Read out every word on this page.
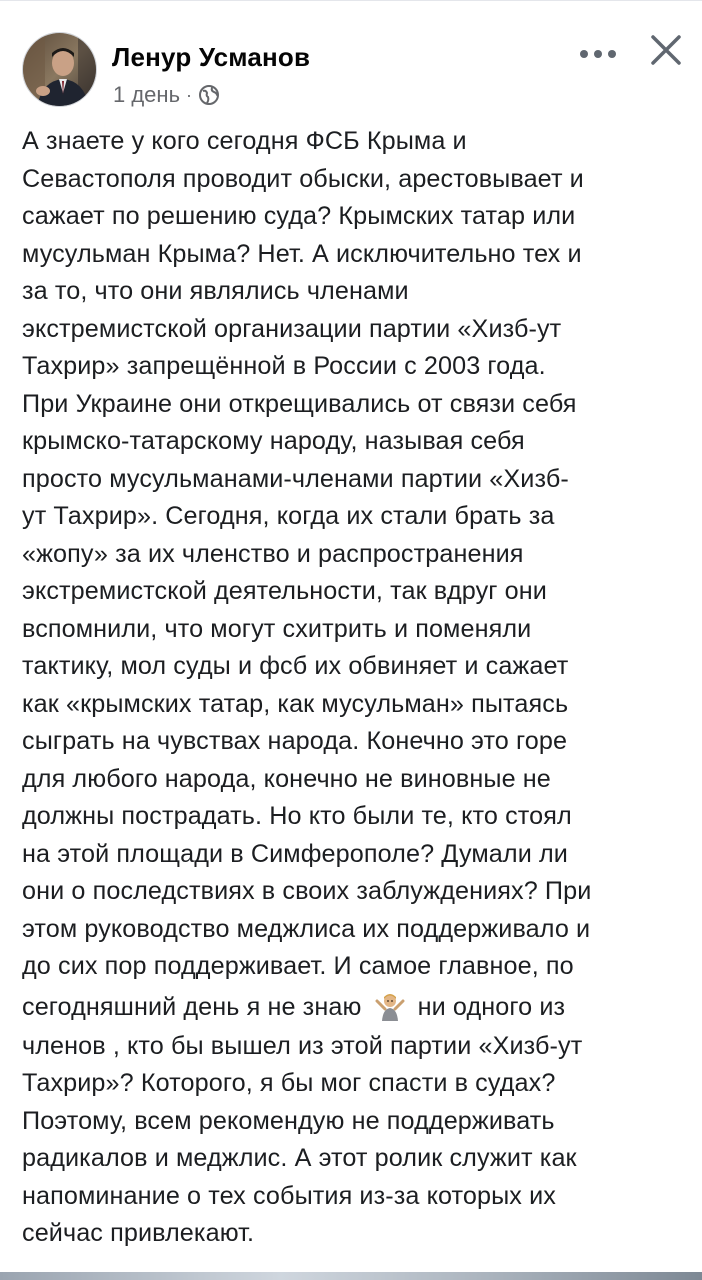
Ленур Усманов
1 день ·
А знаете у кого сегодня ФСБ Крыма и
Севастополя проводит обыски, арестовывает и
сажает по решению суда? Крымских татар или
мусульман Крыма? Нет. А исключительно тех и
за то, что они являлись членами
экстремистской организации партии «Хизб-ут
Тахрир» запрещённой в России с 2003 года.
При Украине они открещивались от связи себя
крымско-татарскому народу, называя себя
просто мусульманами-членами партии «Хизб-
ут Тахрир». Сегодня, когда их стали брать за
«жопу» за их членство и распространения
экстремистской деятельности, так вдруг они
вспомнили, что могут схитрить и поменяли
тактику, мол суды и фсб их обвиняет и сажает
как «крымских татар, как мусульман» пытаясь
сыграть на чувствах народа. Конечно это горе
для любого народа, конечно не виновные не
должны пострадать. Но кто были те, кто стоял
на этой площади в Симферополе? Думали ли
они о последствиях в своих заблуждениях? При
этом руководство меджлиса их поддерживало и
до сих пор поддерживает. И самое главное, по
сегодняшний день я не знаю ни одного из
членов , кто бы вышел из этой партии «Хизб-ут
Тахрир»? Которого, я бы мог спасти в судах?
Поэтому, всем рекомендую не поддерживать
радикалов и меджлис. А этот ролик служит как
напоминание о тех события из-за которых их
сейчас привлекают.
